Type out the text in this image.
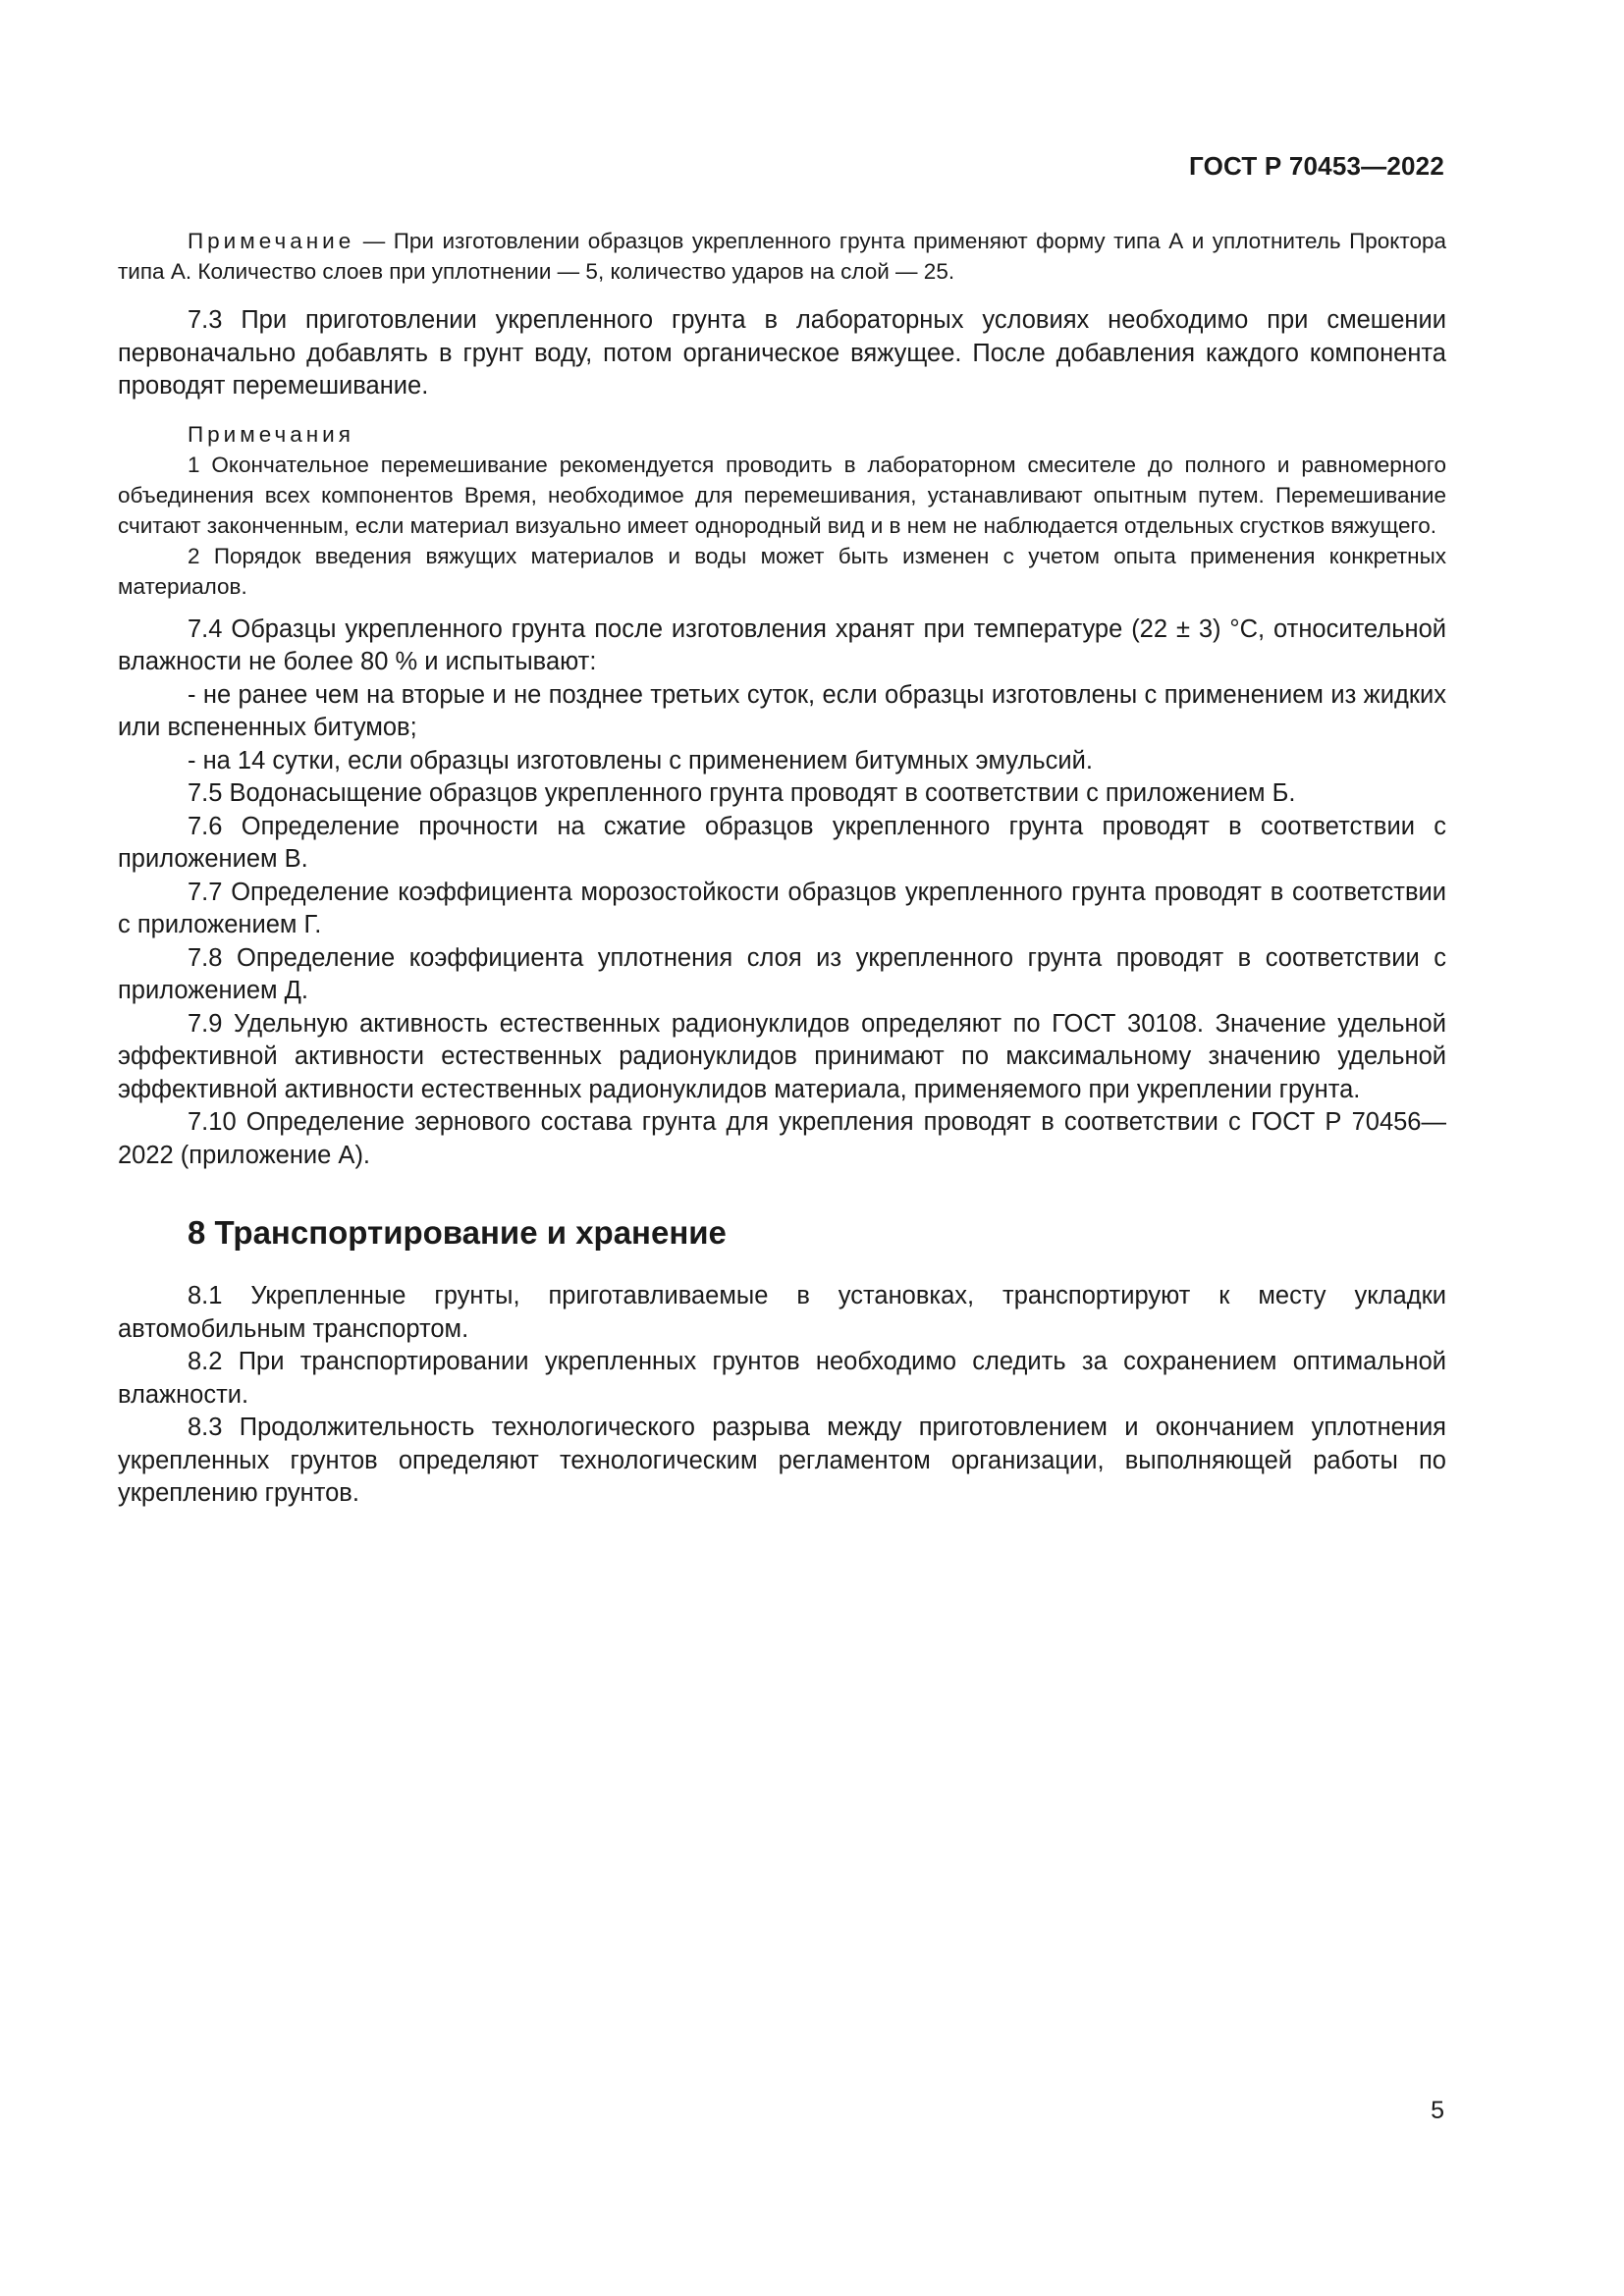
ГОСТ Р 70453—2022

Примечание — При изготовлении образцов укрепленного грунта применяют форму типа А и уплотнитель Проктора типа А. Количество слоев при уплотнении — 5, количество ударов на слой — 25.

7.3 При приготовлении укрепленного грунта в лабораторных условиях необходимо при смешении первоначально добавлять в грунт воду, потом органическое вяжущее. После добавления каждого компонента проводят перемешивание.

Примечания

1 Окончательное перемешивание рекомендуется проводить в лабораторном смесителе до полного и равномерного объединения всех компонентов Время, необходимое для перемешивания, устанавливают опытным путем. Перемешивание считают законченным, если материал визуально имеет однородный вид и в нем не наблюдается отдельных сгустков вяжущего.

2 Порядок введения вяжущих материалов и воды может быть изменен с учетом опыта применения конкретных материалов.

7.4 Образцы укрепленного грунта после изготовления хранят при температуре (22 ± 3) °C, относительной влажности не более 80 % и испытывают:

- не ранее чем на вторые и не позднее третьих суток, если образцы изготовлены с применением из жидких или вспененных битумов;

- на 14 сутки, если образцы изготовлены с применением битумных эмульсий.

7.5 Водонасыщение образцов укрепленного грунта проводят в соответствии с приложением Б.

7.6 Определение прочности на сжатие образцов укрепленного грунта проводят в соответствии с приложением В.

7.7 Определение коэффициента морозостойкости образцов укрепленного грунта проводят в соответствии с приложением Г.

7.8 Определение коэффициента уплотнения слоя из укрепленного грунта проводят в соответствии с приложением Д.

7.9 Удельную активность естественных радионуклидов определяют по ГОСТ 30108. Значение удельной эффективной активности естественных радионуклидов принимают по максимальному значению удельной эффективной активности естественных радионуклидов материала, применяемого при укреплении грунта.

7.10 Определение зернового состава грунта для укрепления проводят в соответствии с ГОСТ Р 70456—2022 (приложение А).

8 Транспортирование и хранение

8.1 Укрепленные грунты, приготавливаемые в установках, транспортируют к месту укладки автомобильным транспортом.

8.2 При транспортировании укрепленных грунтов необходимо следить за сохранением оптимальной влажности.

8.3 Продолжительность технологического разрыва между приготовлением и окончанием уплотнения укрепленных грунтов определяют технологическим регламентом организации, выполняющей работы по укреплению грунтов.

5
